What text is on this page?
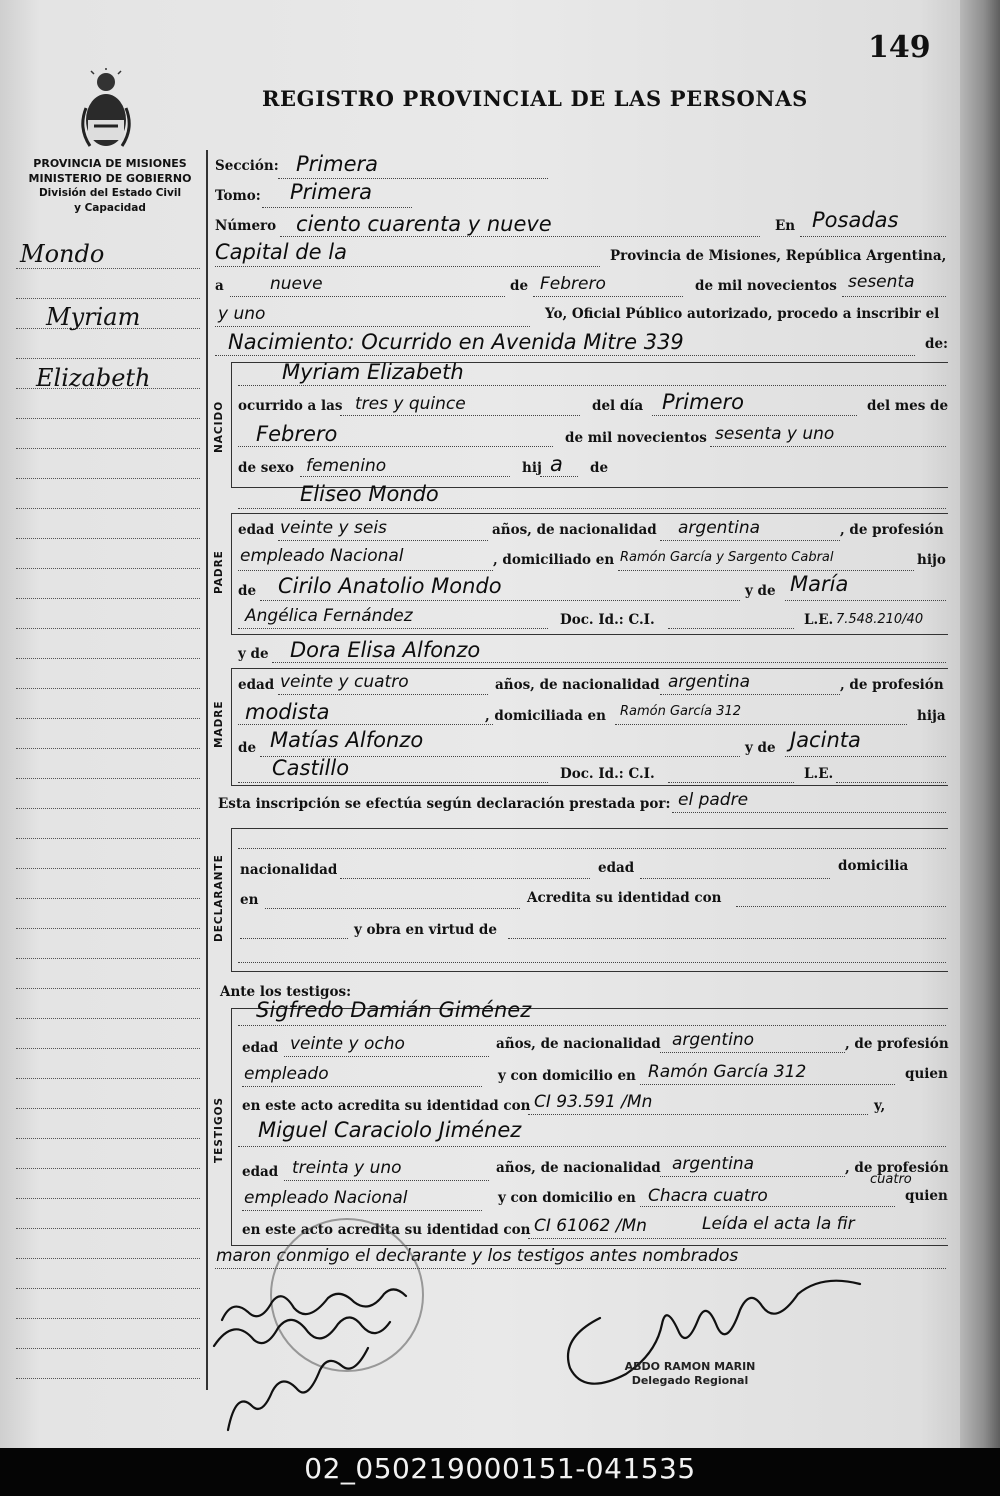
149
REGISTRO PROVINCIAL DE LAS PERSONAS
PROVINCIA DE MISIONES
MINISTERIO DE GOBIERNO
División del Estado Civil
y Capacidad
Mondo
Myriam
Elizabeth
Sección: Primera
Tomo: Primera
Número ciento cuarenta y nueve	En Posadas
Capital de la	Provincia de Misiones, República Argentina,
a	nueve	de Febrero	de mil novecientos sesenta
y uno	Yo, Oficial Público autorizado, procedo a inscribir el
Nacimiento: Ocurrido en Avenida Mitre 339	de:
NACIDO
Myriam Elizabeth
ocurrido a las tres y quince	del día Primero	del mes de
Febrero	de mil novecientos sesenta y uno
de sexo femenino	hij a de
Eliseo Mondo
PADRE
edad veinte y seis	años, de nacionalidad argentina	, de profesión
empleado Nacional	, domiciliado en Ramón García y Sargento Cabral	hijo
de Cirilo Anatolio Mondo	y de María
Angélica Fernández	Doc. Id.: C.I.	L.E. 7.548.210/40
y de Dora Elisa Alfonzo
MADRE
edad veinte y cuatro	años, de nacionalidad argentina	, de profesión
modista	, domiciliada en Ramón García 312	hija
de Matías Alfonzo	y de Jacinta
Castillo	Doc. Id.: C.I.	L.E.
Esta inscripción se efectúa según declaración prestada por: el padre
DECLARANTE nacionalidad	edad	domicilia
en	Acredita su identidad con
y obra en virtud de
Ante los testigos:
TESTIGOS
Sigfredo Damián Giménez
edad veinte y ocho	años, de nacionalidad argentino	, de profesión
empleado	y con domicilio en Ramón García 312	quien
en este acto acredita su identidad con CI 93.591 /Mn	y,
Miguel Caraciolo Jiménez
edad treinta y uno	años, de nacionalidad argentina	, de profesión
empleado Nacional	y con domicilio en Chacra cuatro
cuatro
quien
en este acto acredita su identidad con CI 61062 /Mn	Leída el acta la fir
maron conmigo el declarante y los testigos antes nombrados
ABDO RAMON MARIN
Delegado Regional
02_050219000151-041535
